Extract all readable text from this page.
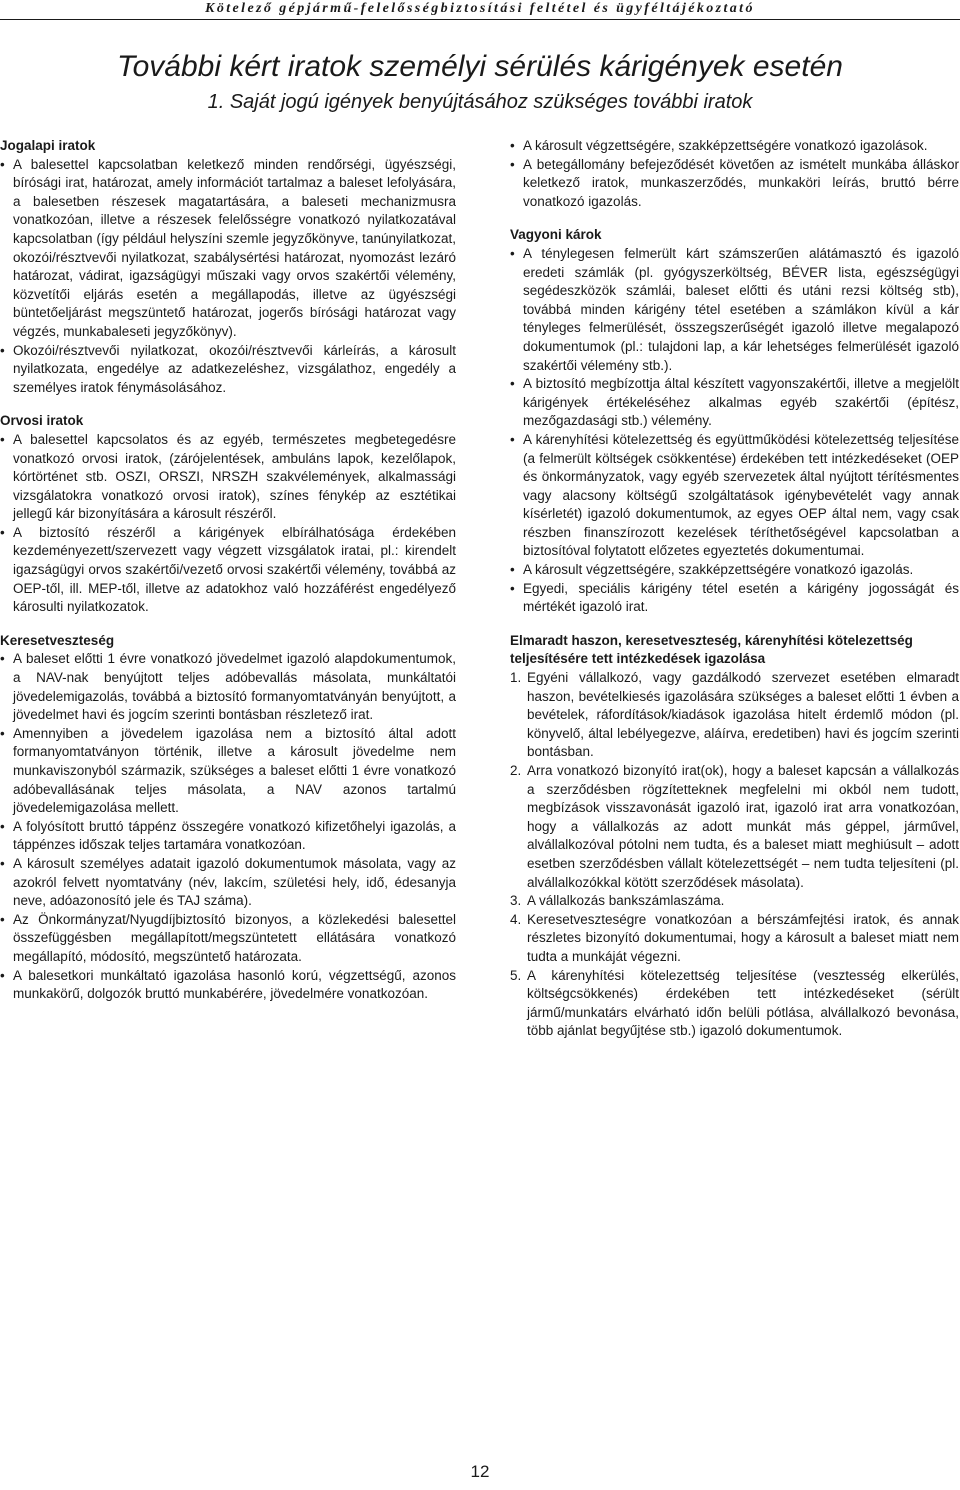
Kötelező gépjármű-felelősségbiztosítási feltétel és ügyféltájékoztató
További kért iratok személyi sérülés kárigények esetén
1. Saját jogú igények benyújtásához szükséges további iratok
Jogalapi iratok
• A balesettel kapcsolatban keletkező minden rendőrségi, ügyészségi, bírósági irat, határozat, amely információt tartalmaz a baleset lefolyására, a balesetben részesek magatartására, a baleseti mechanizmusra vonatkozóan, illetve a részesek felelősségre vonatkozó nyilatkozatával kapcsolatban (így például helyszíni szemle jegyzőkönyve, tanúnyilatkozat, okozói/résztvevői nyilatkozat, szabálysértési határozat, nyomozást lezáró határozat, vádirat, igazságügyi műszaki vagy orvos szakértői vélemény, közvetítői eljárás esetén a megállapodás, illetve az ügyészségi büntetőeljárást megszüntető határozat, jogerős bírósági határozat vagy végzés, munkabaleseti jegyzőkönyv).
• Okozói/résztvevői nyilatkozat, okozói/résztvevői kárleírás, a károsult nyilatkozata, engedélye az adatkezeléshez, vizsgálathoz, engedély a személyes iratok fénymásolásához.
Orvosi iratok
• A balesettel kapcsolatos és az egyéb, természetes megbetegedésre vonatkozó orvosi iratok, (zárójelentések, ambuláns lapok, kezelőlapok, kórtörténet stb. OSZI, ORSZI, NRSZH szakvélemények, alkalmassági vizsgálatokra vonatkozó orvosi iratok), színes fénykép az esztétikai jellegű kár bizonyítására a károsult részéről.
• A biztosító részéről a kárigények elbírálhatósága érdekében kezdeményezett/szervezett vagy végzett vizsgálatok iratai, pl.: kirendelt igazságügyi orvos szakértői/vezető orvosi szakértői vélemény, továbbá az OEP-től, ill. MEP-től, illetve az adatokhoz való hozzáférést engedélyező károsulti nyilatkozatok.
Keresetveszteség
• A baleset előtti 1 évre vonatkozó jövedelmet igazoló alapdokumentumok, a NAV-nak benyújtott teljes adóbevallás másolata, munkáltatói jövedelemigazolás, továbbá a biztosító formanyomtatványán benyújtott, a jövedelmet havi és jogcím szerinti bontásban részletező irat.
• Amennyiben a jövedelem igazolása nem a biztosító által adott formanyomtatványon történik, illetve a károsult jövedelme nem munkaviszonyból származik, szükséges a baleset előtti 1 évre vonatkozó adóbevallásának teljes másolata, a NAV azonos tartalmú jövedelemigazolása mellett.
• A folyósított bruttó táppénz összegére vonatkozó kifizetőhelyi igazolás, a táppénzes időszak teljes tartamára vonatkozóan.
• A károsult személyes adatait igazoló dokumentumok másolata, vagy az azokról felvett nyomtatvány (név, lakcím, születési hely, idő, édesanyja neve, adóazonosító jele és TAJ száma).
• Az Önkormányzat/Nyugdíjbiztosító bizonyos, a közlekedési balesettel összefüggésben megállapított/megszüntetett ellátására vonatkozó megállapító, módosító, megszüntető határozata.
• A balesetkori munkáltató igazolása hasonló korú, végzettségű, azonos munkakörű, dolgozók bruttó munkabérére, jövedelmére vonatkozóan.
• A károsult végzettségére, szakképzettségére vonatkozó igazolások.
• A betegállomány befejeződését követően az ismételt munkába álláskor keletkező iratok, munkaszerződés, munkaköri leírás, bruttó bérre vonatkozó igazolás.
Vagyoni károk
• A ténylegesen felmerült kárt számszerűen alátámasztó és igazoló eredeti számlák (pl. gyógyszerköltség, BÉVER lista, egészségügyi segédeszközök számlái, baleset előtti és utáni rezsi költség stb), továbbá minden kárigény tétel esetében a számlákon kívül a kár tényleges felmerülését, összegszerűségét igazoló illetve megalapozó dokumentumok (pl.: tulajdoni lap, a kár lehetséges felmerülését igazoló szakértői vélemény stb.).
• A biztosító megbízottja által készített vagyonszakértői, illetve a megjelölt kárigények értékeléséhez alkalmas egyéb szakértői (építész, mezőgazdasági stb.) vélemény.
• A kárenyhítési kötelezettség és együttműködési kötelezettség teljesítése (a felmerült költségek csökkentése) érdekében tett intézkedéseket (OEP és önkormányzatok, vagy egyéb szervezetek által nyújtott térítésmentes vagy alacsony költségű szolgáltatások igénybevételét vagy annak kísérletét) igazoló dokumentumok, az egyes OEP által nem, vagy csak részben finanszírozott kezelések téríthetőségével kapcsolatban a biztosítóval folytatott előzetes egyeztetés dokumentumai.
• A károsult végzettségére, szakképzettségére vonatkozó igazolás.
• Egyedi, speciális kárigény tétel esetén a kárigény jogosságát és mértékét igazoló irat.
Elmaradt haszon, keresetveszteség, kárenyhítési kötelezettség teljesítésére tett intézkedések igazolása
1. Egyéni vállalkozó, vagy gazdálkodó szervezet esetében elmaradt haszon, bevételkiesés igazolására szükséges a baleset előtti 1 évben a bevételek, ráfordítások/kiadások igazolása hitelt érdemlő módon (pl. könyvelő, által lebélyegezve, aláírva, eredetiben) havi és jogcím szerinti bontásban.
2. Arra vonatkozó bizonyító irat(ok), hogy a baleset kapcsán a vállalkozás a szerződésben rögzítetteknek megfelelni mi okból nem tudott, megbízások visszavonását igazoló irat, igazoló irat arra vonatkozóan, hogy a vállalkozás az adott munkát más géppel, járművel, alvállalkozóval pótolni nem tudta, és a baleset miatt meghiúsult – adott esetben szerződésben vállalt kötelezettségét – nem tudta teljesíteni (pl. alvállalkozókkal kötött szerződések másolata).
3. A vállalkozás bankszámlaszáma.
4. Keresetveszteségre vonatkozóan a bérszámfejtési iratok, és annak részletes bizonyító dokumentumai, hogy a károsult a baleset miatt nem tudta a munkáját végezni.
5. A kárenyhítési kötelezettség teljesítése (vesztesség elkerülés, költségcsökkenés) érdekében tett intézkedéseket (sérült jármű/munkatárs elvárható időn belüli pótlása, alvállalkozó bevonása, több ajánlat begyűjtése stb.) igazoló dokumentumok.
12
